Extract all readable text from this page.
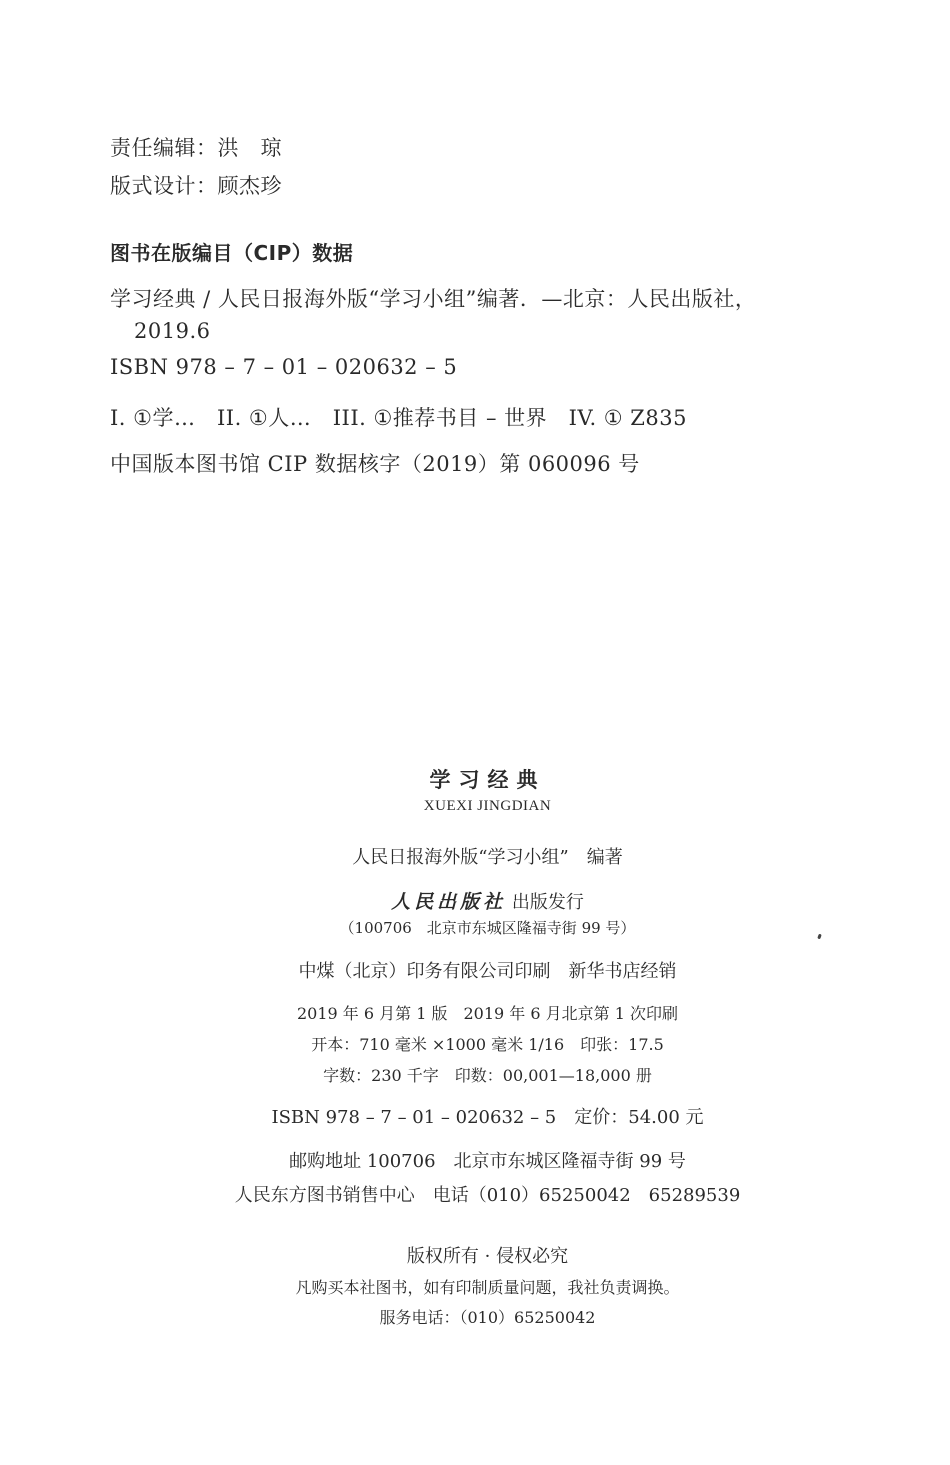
责任编辑：洪　琼
版式设计：顾杰珍
图书在版编目（CIP）数据
学习经典 / 人民日报海外版“学习小组”编著．—北京：人民出版社，
2019.6
ISBN 978 – 7 – 01 – 020632 – 5
I. ①学…　II. ①人…　III. ①推荐书目 – 世界　IV. ① Z835
中国版本图书馆 CIP 数据核字（2019）第 060096 号
学习经典
XUEXI JINGDIAN
人民日报海外版“学习小组”　编著
人民出版社 出版发行
（100706　北京市东城区隆福寺街 99 号）
中煤（北京）印务有限公司印刷　新华书店经销
2019 年 6 月第 1 版　2019 年 6 月北京第 1 次印刷
开本：710 毫米 ×1000 毫米 1/16　印张：17.5
字数：230 千字　印数：00,001—18,000 册
ISBN 978 – 7 – 01 – 020632 – 5　定价：54.00 元
邮购地址 100706　北京市东城区隆福寺街 99 号
人民东方图书销售中心　电话（010）65250042　65289539
版权所有 · 侵权必究
凡购买本社图书，如有印制质量问题，我社负责调换。
服务电话：（010）65250042
